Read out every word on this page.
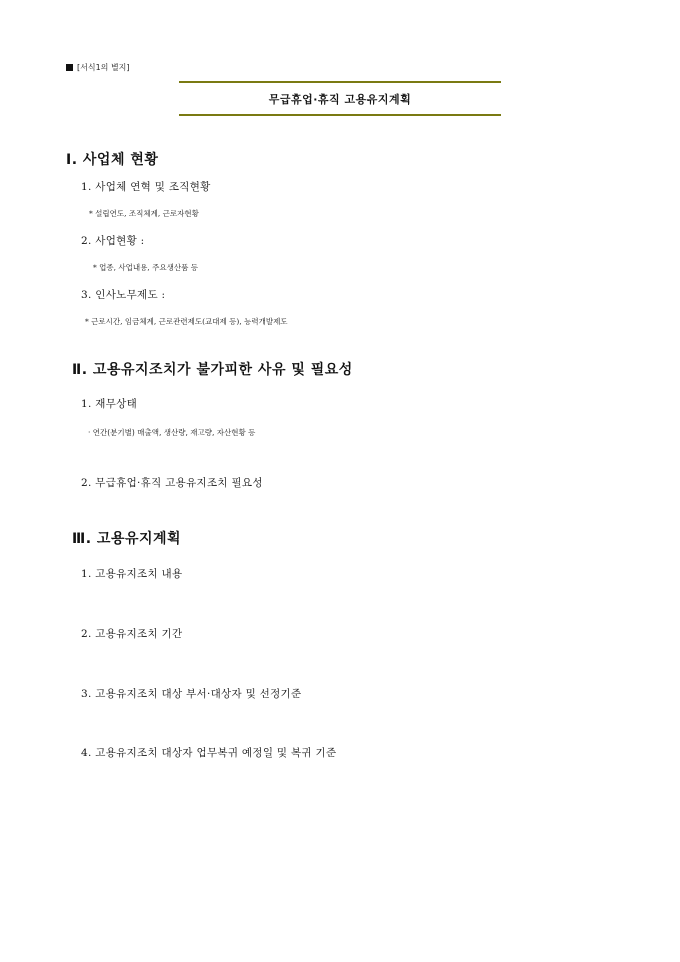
[서식1의 별지]
무급휴업·휴직 고용유지계획
Ⅰ. 사업체 현황
1. 사업체 연혁 및 조직현황
* 설립연도, 조직체계, 근로자현황
2. 사업현황 :
* 업종, 사업내용, 주요생산품 등
3. 인사노무제도 :
* 근로시간, 임금체계, 근로관련제도(교대제 등), 능력개발제도
Ⅱ. 고용유지조치가 불가피한 사유 및 필요성
1. 재무상태
· 연간(분기별) 매출액, 생산량, 재고량, 자산현황 등
2. 무급휴업·휴직 고용유지조치 필요성
Ⅲ. 고용유지계획
1. 고용유지조치 내용
2. 고용유지조치 기간
3. 고용유지조치 대상 부서·대상자 및 선정기준
4. 고용유지조치 대상자 업무복귀 예정일 및 복귀 기준
